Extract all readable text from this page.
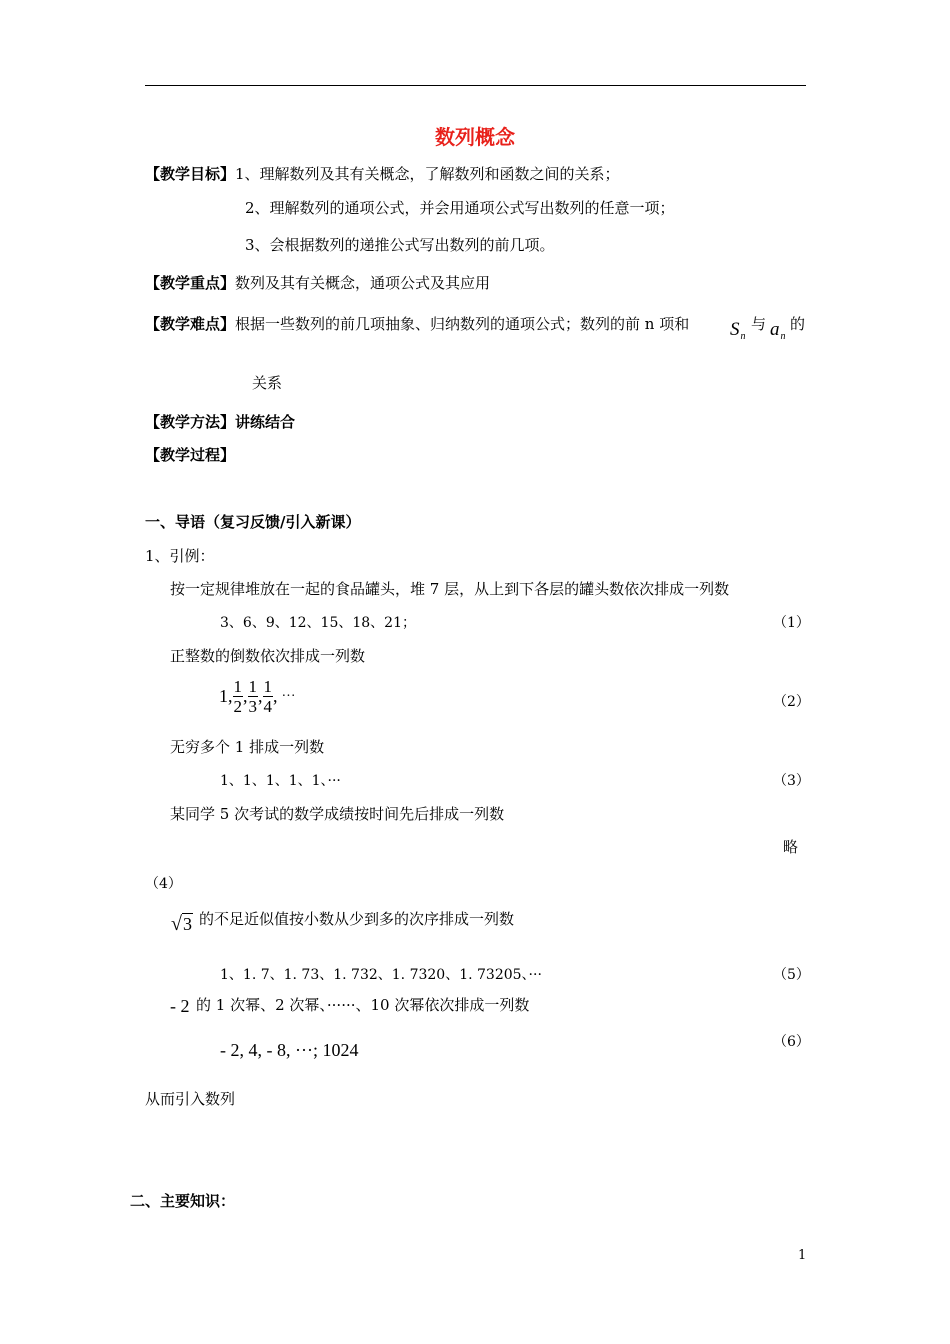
数列概念
【教学目标】1、理解数列及其有关概念，了解数列和函数之间的关系；
2、理解数列的通项公式，并会用通项公式写出数列的任意一项；
3、会根据数列的递推公式写出数列的前几项。
【教学重点】数列及其有关概念，通项公式及其应用
【教学难点】根据一些数列的前几项抽象、归纳数列的通项公式；数列的前 n 项和 $S_n$
与 $a_n$
的
关系
【教学方法】讲练结合
【教学过程】
一、导语（复习反馈/引入新课）
1、引例：
按一定规律堆放在一起的食品罐头，堆 7 层，从上到下各层的罐头数依次排成一列数
3、6、9、12、15、18、21；	（1）
正整数的倒数依次排成一列数
1, $\frac{1}{2}$ , $\frac{1}{3}$ , $\frac{1}{4}$ , ···	（2）
无穷多个 1 排成一列数
1、1、1、1、1、···	（3）
某同学 5 次考试的数学成绩按时间先后排成一列数
略
（4）
√3 的不足近似值按小数从少到多的次序排成一列数
1、1. 7、1. 73、1. 732、1. 7320、1. 73205、···	（5）
- 2 的 1 次幂、2 次幂、······、10 次幂依次排成一列数
- 2, 4, - 8, ···; 1024	（6）
从而引入数列
二、主要知识：
1
